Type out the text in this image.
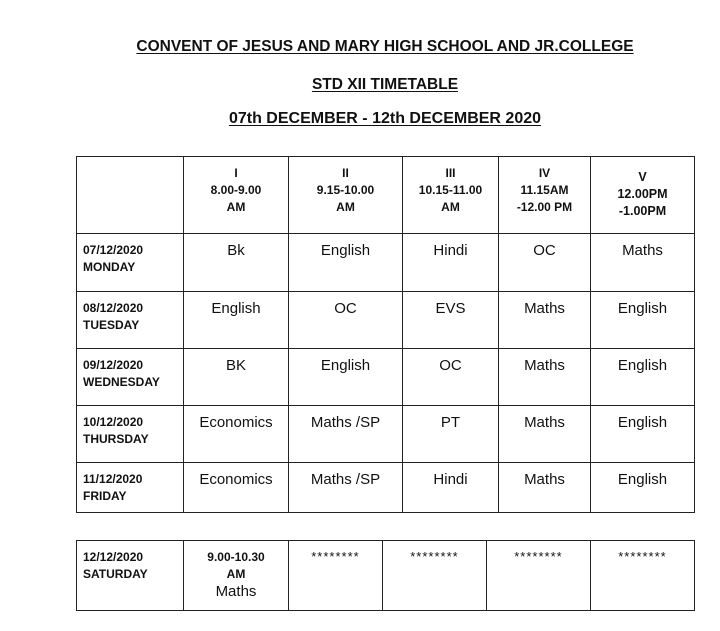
CONVENT OF JESUS AND MARY HIGH SCHOOL AND JR.COLLEGE
STD XII TIMETABLE
07th DECEMBER - 12th DECEMBER 2020
	I
8.00-9.00
AM	II
9.15-10.00
AM	III
10.15-11.00
AM	IV
11.15AM
-12.00 PM	V
12.00PM
-1.00PM
07/12/2020
MONDAY	Bk	English	Hindi	OC	Maths
08/12/2020
TUESDAY	English	OC	EVS	Maths	English
09/12/2020
WEDNESDAY	BK	English	OC	Maths	English
10/12/2020
THURSDAY	Economics	Maths /SP	PT	Maths	English
11/12/2020
FRIDAY	Economics	Maths /SP	Hindi	Maths	English
12/12/2020
SATURDAY	9.00-10.30
AM
Maths
	********	********	********	********
